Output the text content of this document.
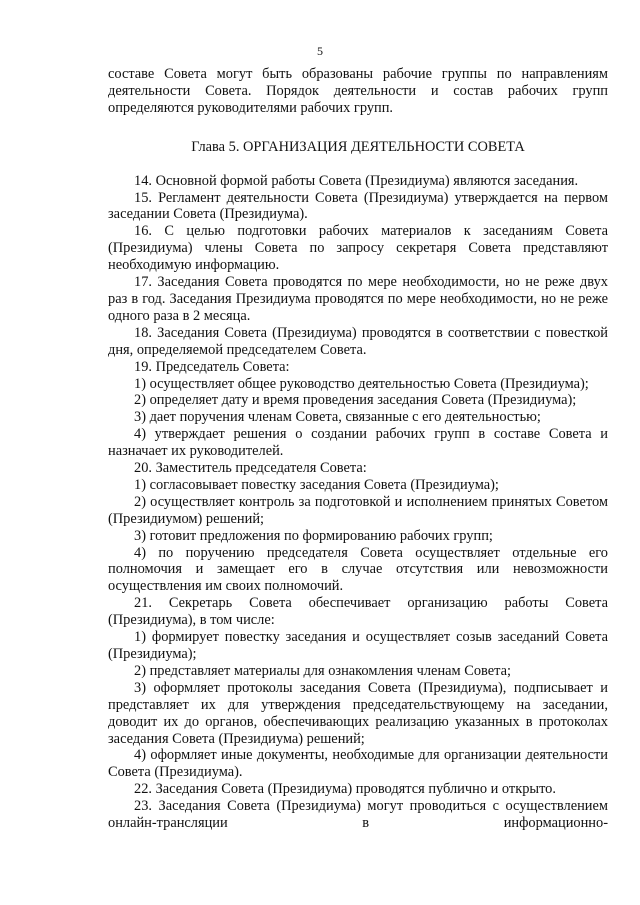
5

составе Совета могут быть образованы рабочие группы по направлениям деятельности Совета. Порядок деятельности и состав рабочих групп определяются руководителями рабочих групп.

Глава 5. ОРГАНИЗАЦИЯ ДЕЯТЕЛЬНОСТИ СОВЕТА

14. Основной формой работы Совета (Президиума) являются заседания.

15. Регламент деятельности Совета (Президиума) утверждается на первом заседании Совета (Президиума).

16. С целью подготовки рабочих материалов к заседаниям Совета (Президиума) члены Совета по запросу секретаря Совета представляют необходимую информацию.

17. Заседания Совета проводятся по мере необходимости, но не реже двух раз в год. Заседания Президиума проводятся по мере необходимости, но не реже одного раза в 2 месяца.

18. Заседания Совета (Президиума) проводятся в соответствии с повесткой дня, определяемой председателем Совета.

19. Председатель Совета:

1) осуществляет общее руководство деятельностью Совета (Президиума);

2) определяет дату и время проведения заседания Совета (Президиума);

3) дает поручения членам Совета, связанные с его деятельностью;

4) утверждает решения о создании рабочих групп в составе Совета и назначает их руководителей.

20. Заместитель председателя Совета:

1) согласовывает повестку заседания Совета (Президиума);

2) осуществляет контроль за подготовкой и исполнением принятых Советом (Президиумом) решений;

3) готовит предложения по формированию рабочих групп;

4) по поручению председателя Совета осуществляет отдельные его полномочия и замещает его в случае отсутствия или невозможности осуществления им своих полномочий.

21. Секретарь Совета обеспечивает организацию работы Совета (Президиума), в том числе:

1) формирует повестку заседания и осуществляет созыв заседаний Совета (Президиума);

2) представляет материалы для ознакомления членам Совета;

3) оформляет протоколы заседания Совета (Президиума), подписывает и представляет их для утверждения председательствующему на заседании, доводит их до органов, обеспечивающих реализацию указанных в протоколах заседания Совета (Президиума) решений;

4) оформляет иные документы, необходимые для организации деятельности Совета (Президиума).

22. Заседания Совета (Президиума) проводятся публично и открыто.

23. Заседания Совета (Президиума) могут проводиться с осуществлением онлайн-трансляции в информационно-
